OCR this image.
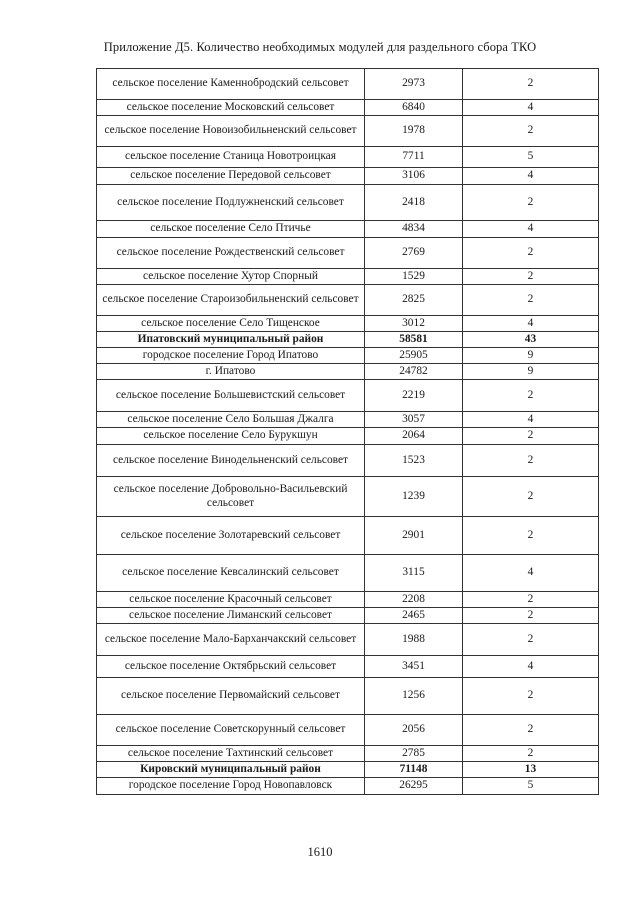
Приложение Д5. Количество необходимых модулей для раздельного сбора ТКО
сельское поселение Каменнобродский сельсовет	2973	2
сельское поселение Московский сельсовет	6840	4
сельское поселение Новоизобильненский сельсовет	1978	2
сельское поселение Станица Новотроицкая	7711	5
сельское поселение Передовой сельсовет	3106	4
сельское поселение Подлужненский сельсовет	2418	2
сельское поселение Село Птичье	4834	4
сельское поселение Рождественский сельсовет	2769	2
сельское поселение Хутор Спорный	1529	2
сельское поселение Староизобильненский сельсовет	2825	2
сельское поселение Село Тищенское	3012	4
Ипатовский муниципальный район	58581	43
городское поселение Город Ипатово	25905	9
г. Ипатово	24782	9
сельское поселение Большевистский сельсовет	2219	2
сельское поселение Село Большая Джалга	3057	4
сельское поселение Село Бурукшун	2064	2
сельское поселение Винодельненский сельсовет	1523	2
сельское поселение Добровольно-Васильевский сельсовет	1239	2
сельское поселение Золотаревский сельсовет	2901	2
сельское поселение Кевсалинский сельсовет	3115	4
сельское поселение Красочный сельсовет	2208	2
сельское поселение Лиманский сельсовет	2465	2
сельское поселение Мало-Барханчакский сельсовет	1988	2
сельское поселение Октябрьский сельсовет	3451	4
сельское поселение Первомайский сельсовет	1256	2
сельское поселение Советскорунный сельсовет	2056	2
сельское поселение Тахтинский сельсовет	2785	2
Кировский муниципальный район	71148	13
городское поселение Город Новопавловск	26295	5
1610
